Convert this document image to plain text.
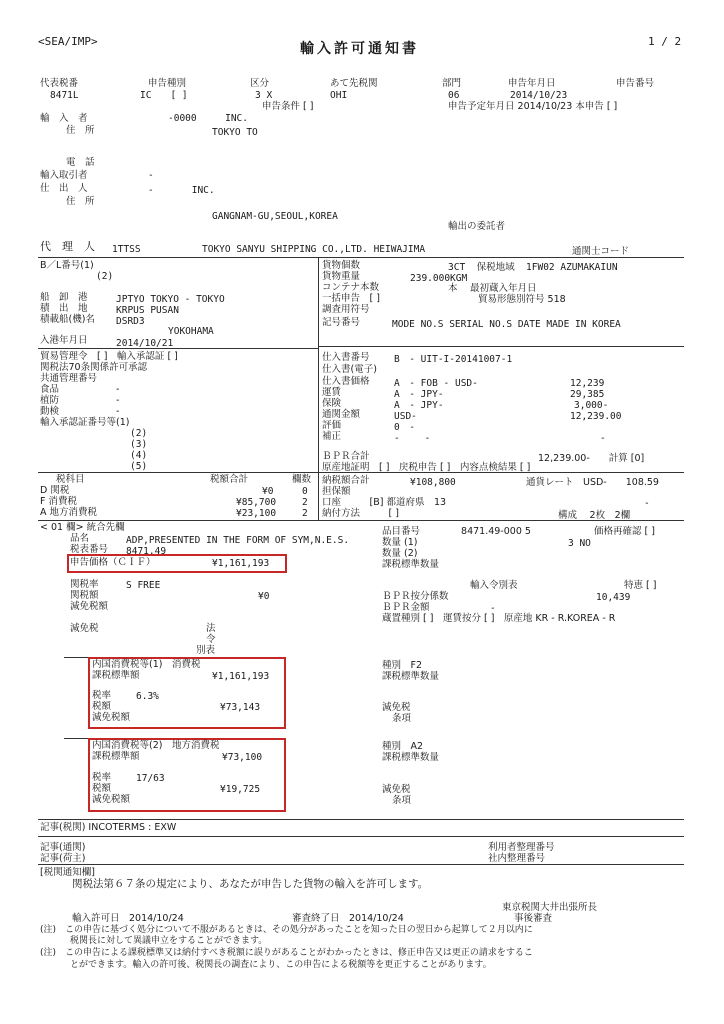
<SEA/IMP>	輸入許可通知書	1 / 2
代表税番	申告種別	区分	あて先税関	部門	申告年月日	申告番号
8471L	IC　　[ ]	3 X	OHI	06	2014/10/23
申告条件 [ ]	申告予定年月日 2014/10/23 本申告 [ ]
輸　入　者	-0000　　　INC.
住　所	TOKYO TO
電　話
輸入取引者	-
仕　出　人	-　　　　INC.
住　所
GANGNAM-GU,SEOUL,KOREA
輸出の委託者
代　理　人 1TTSS	TOKYO SANYU SHIPPING CO.,LTD. HEIWAJIMA	通関士コード
B／L番号(1)
(2)
船　卸　港	JPTYO TOKYO - TOKYO
積　出　地	KRPUS PUSAN
積載船(機)名 DSRD3
YOKOHAMA
入港年月日	2014/10/21
貨物個数	3CT  保税地域  1FW02 AZUMAKAIUN
貨物重量	239.000KGM
コンテナ本数	本　 最初蔵入年月日
一括申告　[ ]	貿易形態別符号 518
調査用符号
記号番号	MODE NO.S SERIAL NO.S DATE MADE IN KOREA
貿易管理令　[ ]　輸入承認証 [ ]
関税法70条関係許可承認
共通管理番号
食品　　　　　　-
植防　　　　　　-
動検　　　　　　-
輸入承認証番号等(1)
(2)
(3)
(4)
(5)
仕入書番号	B　- UIT-I-20141007-1
仕入書(電子)
仕入書価格	A　- FOB - USD-	12,239
運賃	A　- JPY-	29,385
保険	A　- JPY-	3,000-
通関金額	USD-	12,239.00
評価	0　-
補正	-　　 -	-
ＢＰＲ合計	12,239.00-　　計算 [0]
原産地証明　[ ]　戻税申告 [ ]　内容点検結果 [ ]
税科目	税額合計	欄数
D 関税	¥0	0
F 消費税	¥85,700	2
A 地方消費税	¥23,100	2
納税額合計	¥108,800	通貨レート　USD-　　108.59
担保額
口座　　　[B] 都道府県　13	-
納付方法　　　[ ]	構成　 2枚　2欄
< 01 欄> 統合先欄
品名	ADP,PRESENTED IN THE FORM OF SYM,N.E.S.
税表番号 8471.49
申告価格（ＣＩＦ）	¥1,161,193
品目番号　　　　 8471.49-000 5	価格再確認 [ ]
数量 (1)	3 NO
数量 (2)
課税標準数量
関税率	S FREE
関税額	¥0
減免税額
輸入令別表	特恵 [ ]
ＢＰＲ按分係数	10,439
ＢＰＲ金額	-
蔵置種別 [ ]　運賃按分 [ ]　原産地 KR - R.KOREA - R
減免税	法
令
別表
内国消費税等(1)　消費税
課税標準額	¥1,161,193
税率	6.3%
税額	¥73,143
減免税額
種別　F2
課税標準数量
減免税
条項
内国消費税等(2)　地方消費税
課税標準額	¥73,100
税率	17/63
税額	¥19,725
減免税額
種別　A2
課税標準数量
減免税
条項
記事(税関) INCOTERMS : EXW
記事(通関)
記事(荷主)
利用者整理番号
社内整理番号
[税関通知欄]
関税法第６７条の規定により、あなたが申告した貨物の輸入を許可します。
東京税関大井出張所長
事後審査
輸入許可日　2014/10/24	審査終了日　2014/10/24
(注)　この申告に基づく処分について不服があるときは、その処分があったことを知った日の翌日から起算して２月以内に
税関長に対して異議申立をすることができます。
(注)　この申告による課税標準又は納付すべき税額に誤りがあることがわかったときは、修正申告又は更正の請求をするこ
とができます。輸入の許可後、税関長の調査により、この申告による税額等を更正することがあります。
